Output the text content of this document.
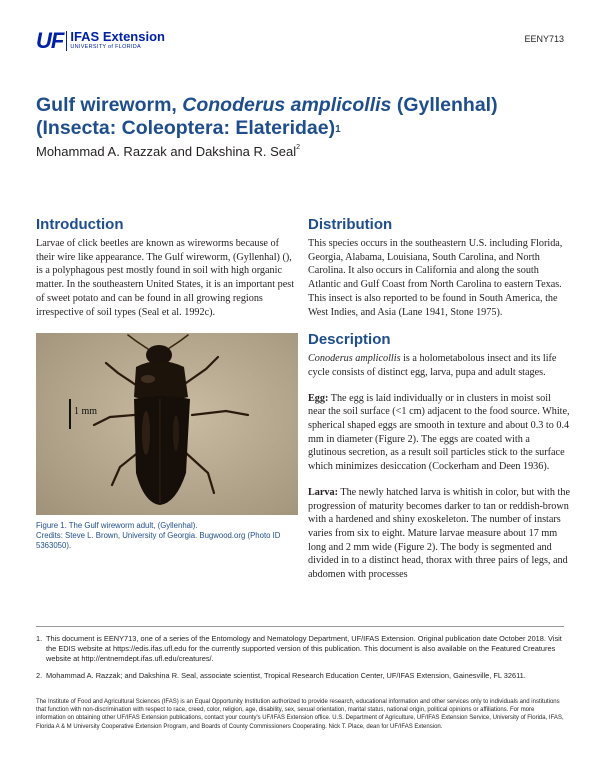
UF IFAS Extension
UNIVERSITY of FLORIDA
EENY713
Gulf wireworm, Conoderus amplicollis (Gyllenhal)
(Insecta: Coleoptera: Elateridae)$^1$
Mohammad A. Razzak and Dakshina R. Seal$^2$
Introduction

Larvae of click beetles are known as wireworms because of their wire like appearance. The Gulf wireworm, (Gyllenhal) (), is a polyphagous pest mostly found in soil with high organic matter. In the southeastern United States, it is an important pest of sweet potato and can be found in all growing regions irrespective of soil types (Seal et al. 1992c).

1 mm
Figure 1. The Gulf wireworm adult, (Gyllenhal).
Credits: Steve L. Brown, University of Georgia. Bugwood.org (Photo ID 5363050).
Distribution

This species occurs in the southeastern U.S. including Florida, Georgia, Alabama, Louisiana, South Carolina, and North Carolina. It also occurs in California and along the south Atlantic and Gulf Coast from North Carolina to eastern Texas. This insect is also reported to be found in South America, the West Indies, and Asia (Lane 1941, Stone 1975).

Description

Conoderus amplicollis is a holometabolous insect and its life cycle consists of distinct egg, larva, pupa and adult stages.

Egg: The egg is laid individually or in clusters in moist soil near the soil surface (<1 cm) adjacent to the food source. White, spherical shaped eggs are smooth in texture and about 0.3 to 0.4 mm in diameter (Figure 2). The eggs are coated with a glutinous secretion, as a result soil particles stick to the surface which minimizes desiccation (Cockerham and Deen 1936).

Larva: The newly hatched larva is whitish in color, but with the progression of maturity becomes darker to tan or reddish-brown with a hardened and shiny exoskeleton. The number of instars varies from six to eight. Mature larvae measure about 17 mm long and 2 mm wide (Figure 2). The body is segmented and divided in to a distinct head, thorax with three pairs of legs, and abdomen with processes

1. This document is EENY713, one of a series of the Entomology and Nematology Department, UF/IFAS Extension. Original publication date October 2018. Visit the EDIS website at https://edis.ifas.ufl.edu for the currently supported version of this publication. This document is also available on the Featured Creatures website at http://entnemdept.ifas.ufl.edu/creatures/.
2. Mohammad A. Razzak; and Dakshina R. Seal, associate scientist, Tropical Research Education Center, UF/IFAS Extension, Gainesville, FL 32611.
The Institute of Food and Agricultural Sciences (IFAS) is an Equal Opportunity Institution authorized to provide research, educational information and other services only to individuals and institutions that function with non-discrimination with respect to race, creed, color, religion, age, disability, sex, sexual orientation, marital status, national origin, political opinions or affiliations. For more information on obtaining other UF/IFAS Extension publications, contact your county's UF/IFAS Extension office. U.S. Department of Agriculture, UF/IFAS Extension Service, University of Florida, IFAS, Florida A & M University Cooperative Extension Program, and Boards of County Commissioners Cooperating. Nick T. Place, dean for UF/IFAS Extension.
